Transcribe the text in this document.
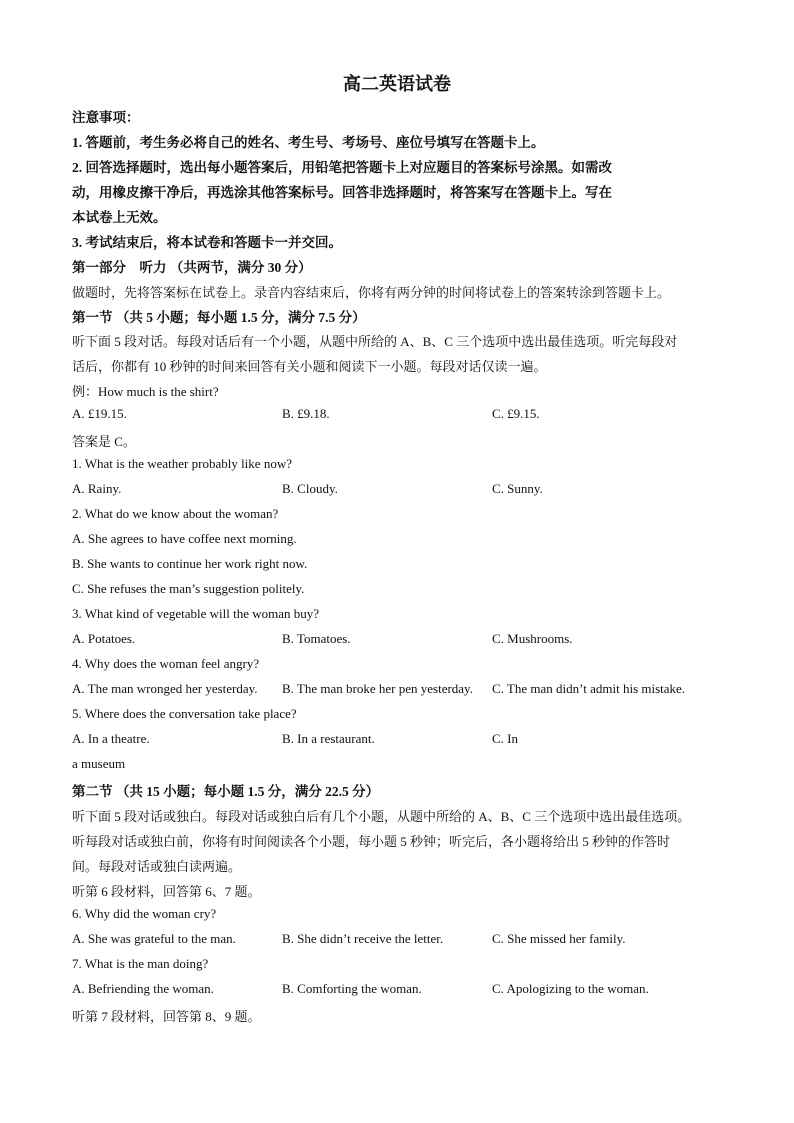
高二英语试卷
注意事项：
1. 答题前，考生务必将自己的姓名、考生号、考场号、座位号填写在答题卡上。
2. 回答选择题时，选出每小题答案后，用铅笔把答题卡上对应题目的答案标号涂黑。如需改
动，用橡皮擦干净后，再选涂其他答案标号。回答非选择题时，将答案写在答题卡上。写在
本试卷上无效。
3. 考试结束后，将本试卷和答题卡一并交回。
第一部分　听力 （共两节，满分 30 分）
做题时，先将答案标在试卷上。录音内容结束后，你将有两分钟的时间将试卷上的答案转涂到答题卡上。
第一节 （共 5 小题；每小题 1.5 分，满分 7.5 分）
听下面 5 段对话。每段对话后有一个小题，从题中所给的 A、B、C 三个选项中选出最佳选项。听完每段对
话后，你都有 10 秒钟的时间来回答有关小题和阅读下一小题。每段对话仅读一遍。
例：How much is the shirt?
A. £19.15.	B. £9.18.	C. £9.15.
答案是 C。
1. What is the weather probably like now?
A. Rainy.	B. Cloudy.	C. Sunny.
2. What do we know about the woman?
A. She agrees to have coffee next morning.
B. She wants to continue her work right now.
C. She refuses the man’s suggestion politely.
3. What kind of vegetable will the woman buy?
A. Potatoes.	B. Tomatoes.	C. Mushrooms.
4. Why does the woman feel angry?
A. The man wronged her yesterday. B. The man broke her pen yesterday. C. The man didn’t admit his mistake.
5. Where does the conversation take place?
A. In a theatre.	B. In a restaurant.	C. In
a museum
第二节 （共 15 小题；每小题 1.5 分，满分 22.5 分）
听下面 5 段对话或独白。每段对话或独白后有几个小题，从题中所给的 A、B、C 三个选项中选出最佳选项。
听每段对话或独白前，你将有时间阅读各个小题，每小题 5 秒钟；听完后，各小题将给出 5 秒钟的作答时
间。每段对话或独白读两遍。
听第 6 段材料，回答第 6、7 题。
6. Why did the woman cry?
A. She was grateful to the man.	B. She didn’t receive the letter.	C. She missed her family.
7. What is the man doing?
A. Befriending the woman.	B. Comforting the woman.	C. Apologizing to the woman.
听第 7 段材料，回答第 8、9 题。
